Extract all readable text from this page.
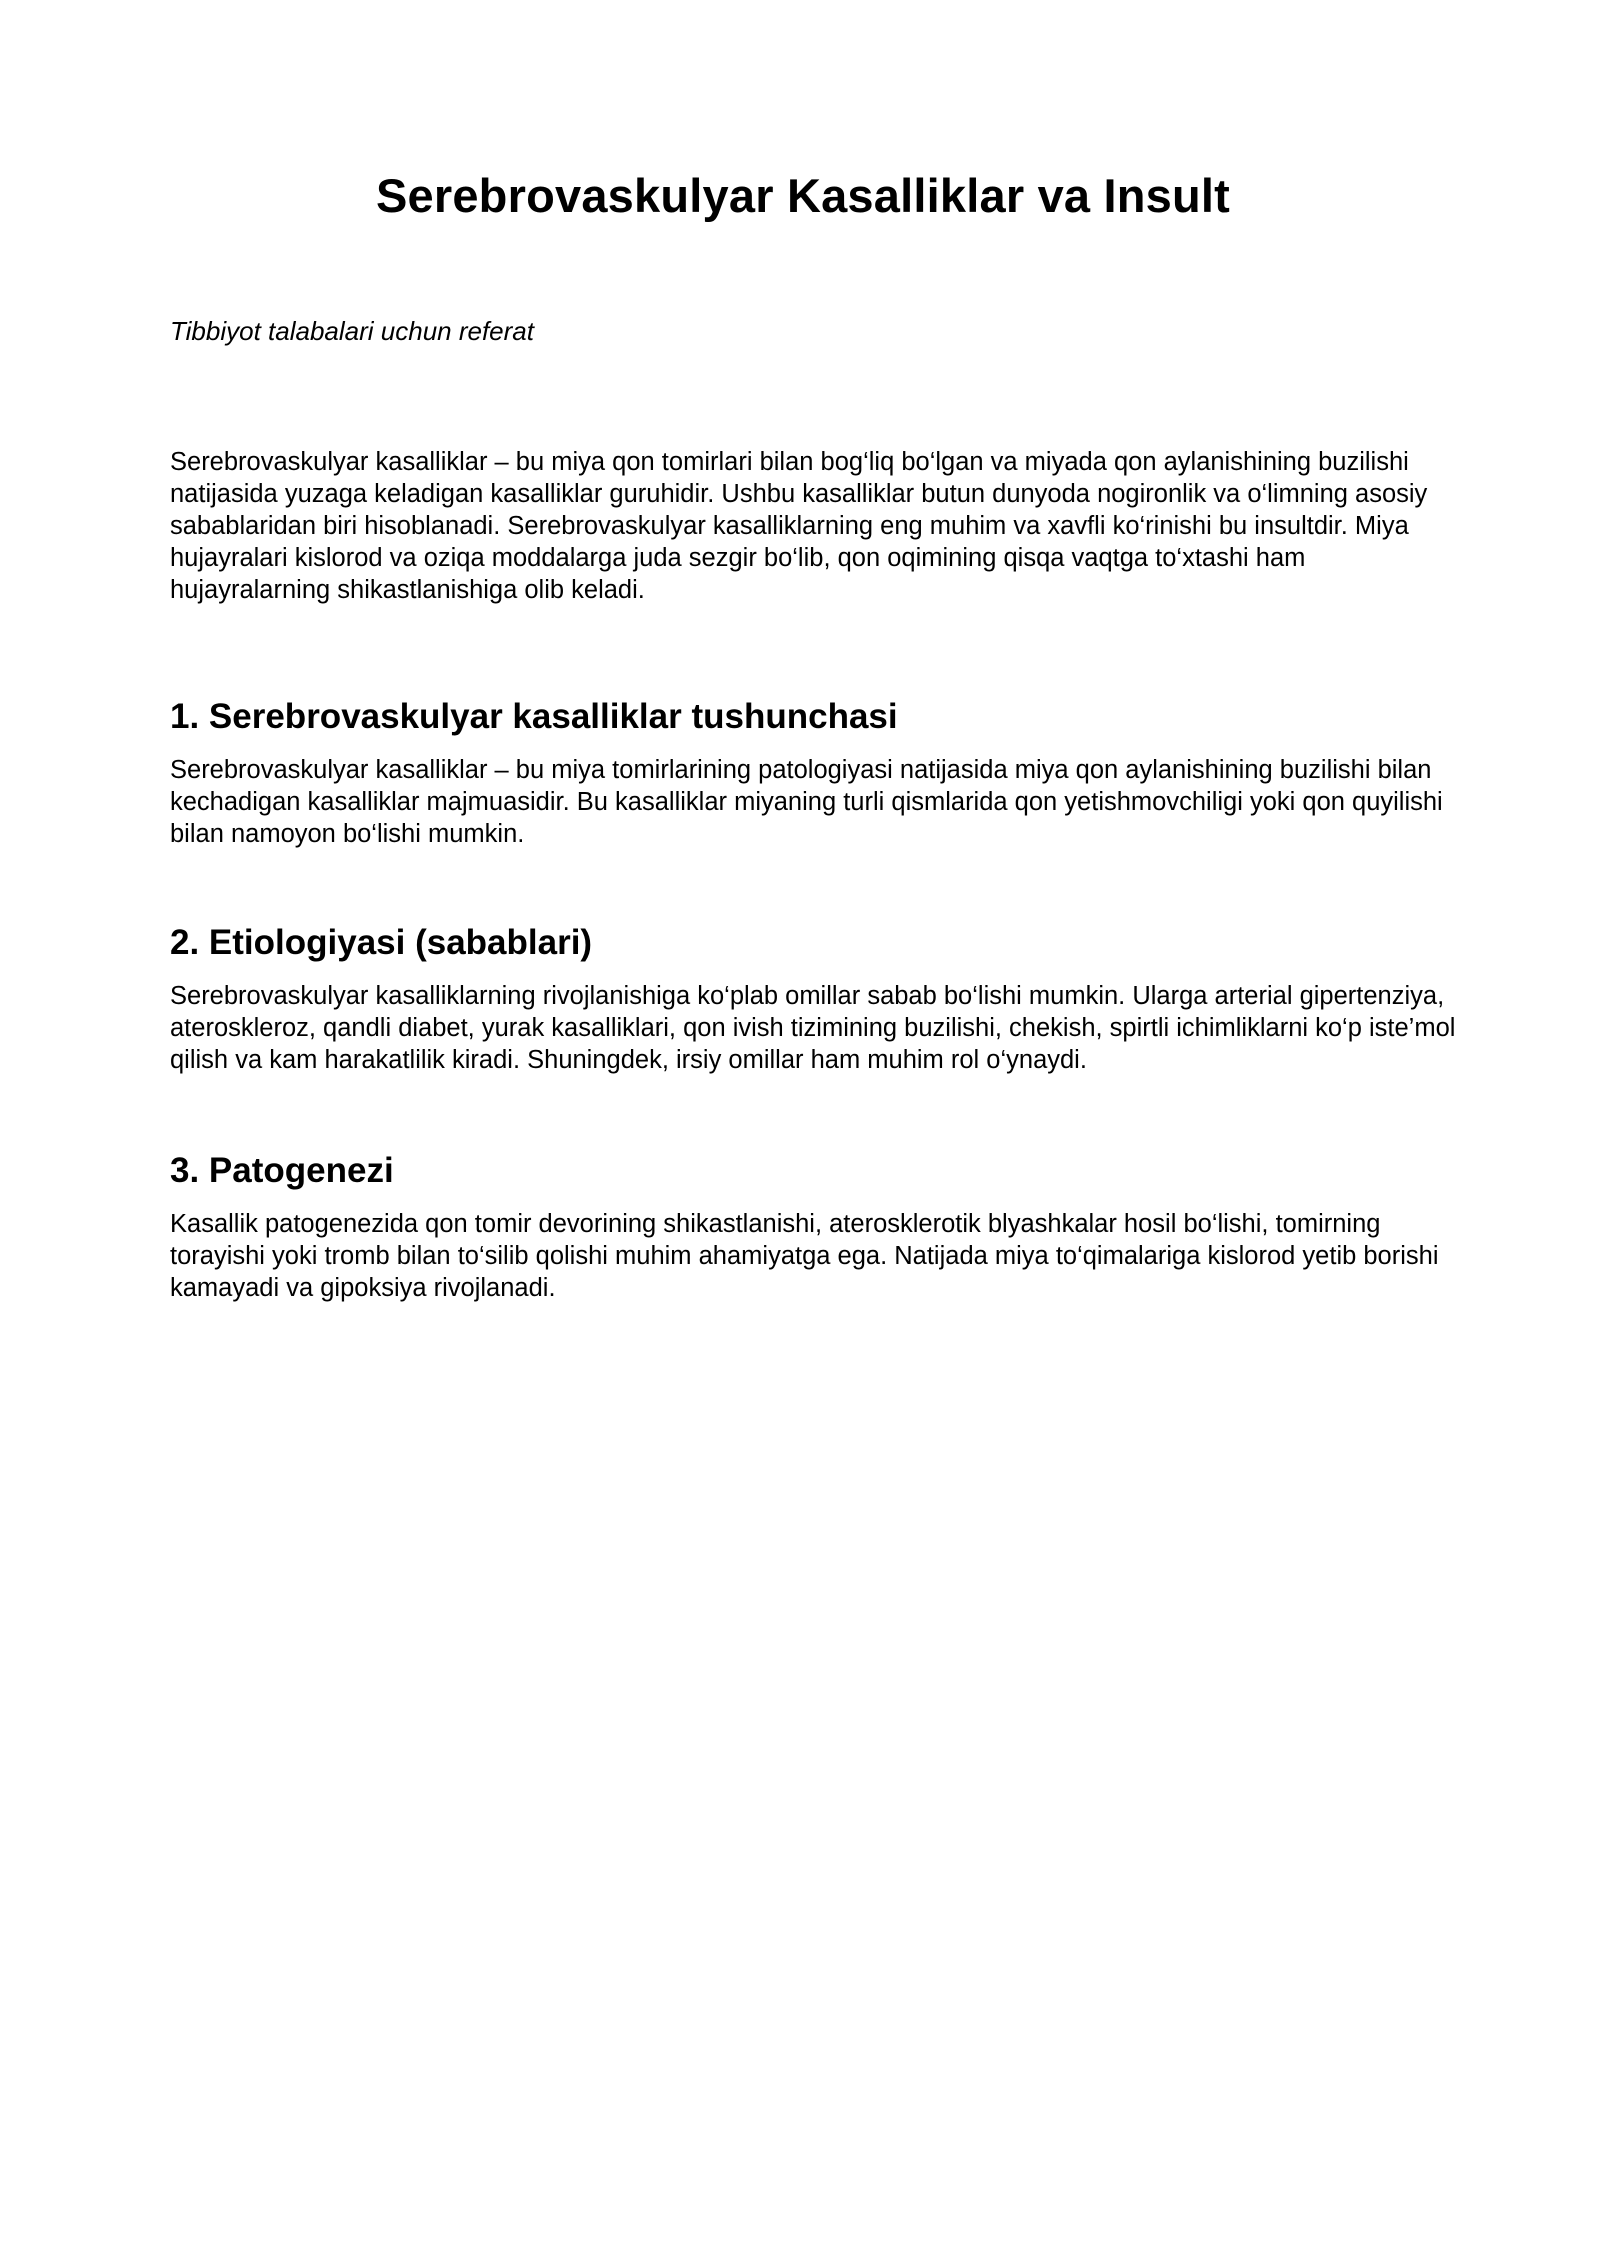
Serebrovaskulyar Kasalliklar va Insult

Tibbiyot talabalari uchun referat

Serebrovaskulyar kasalliklar – bu miya qon tomirlari bilan bog‘liq bo‘lgan va miyada qon aylanishining buzilishi natijasida yuzaga keladigan kasalliklar guruhidir. Ushbu kasalliklar butun dunyoda nogironlik va o‘limning asosiy sabablaridan biri hisoblanadi. Serebrovaskulyar kasalliklarning eng muhim va xavfli ko‘rinishi bu insultdir. Miya hujayralari kislorod va oziqa moddalarga juda sezgir bo‘lib, qon oqimining qisqa vaqtga to‘xtashi ham hujayralarning shikastlanishiga olib keladi.

1. Serebrovaskulyar kasalliklar tushunchasi

Serebrovaskulyar kasalliklar – bu miya tomirlarining patologiyasi natijasida miya qon aylanishining buzilishi bilan kechadigan kasalliklar majmuasidir. Bu kasalliklar miyaning turli qismlarida qon yetishmovchiligi yoki qon quyilishi bilan namoyon bo‘lishi mumkin.

2. Etiologiyasi (sabablari)

Serebrovaskulyar kasalliklarning rivojlanishiga ko‘plab omillar sabab bo‘lishi mumkin. Ularga arterial gipertenziya, ateroskleroz, qandli diabet, yurak kasalliklari, qon ivish tizimining buzilishi, chekish, spirtli ichimliklarni ko‘p iste’mol qilish va kam harakatlilik kiradi. Shuningdek, irsiy omillar ham muhim rol o‘ynaydi.

3. Patogenezi

Kasallik patogenezida qon tomir devorining shikastlanishi, aterosklerotik blyashkalar hosil bo‘lishi, tomirning torayishi yoki tromb bilan to‘silib qolishi muhim ahamiyatga ega. Natijada miya to‘qimalariga kislorod yetib borishi kamayadi va gipoksiya rivojlanadi.
